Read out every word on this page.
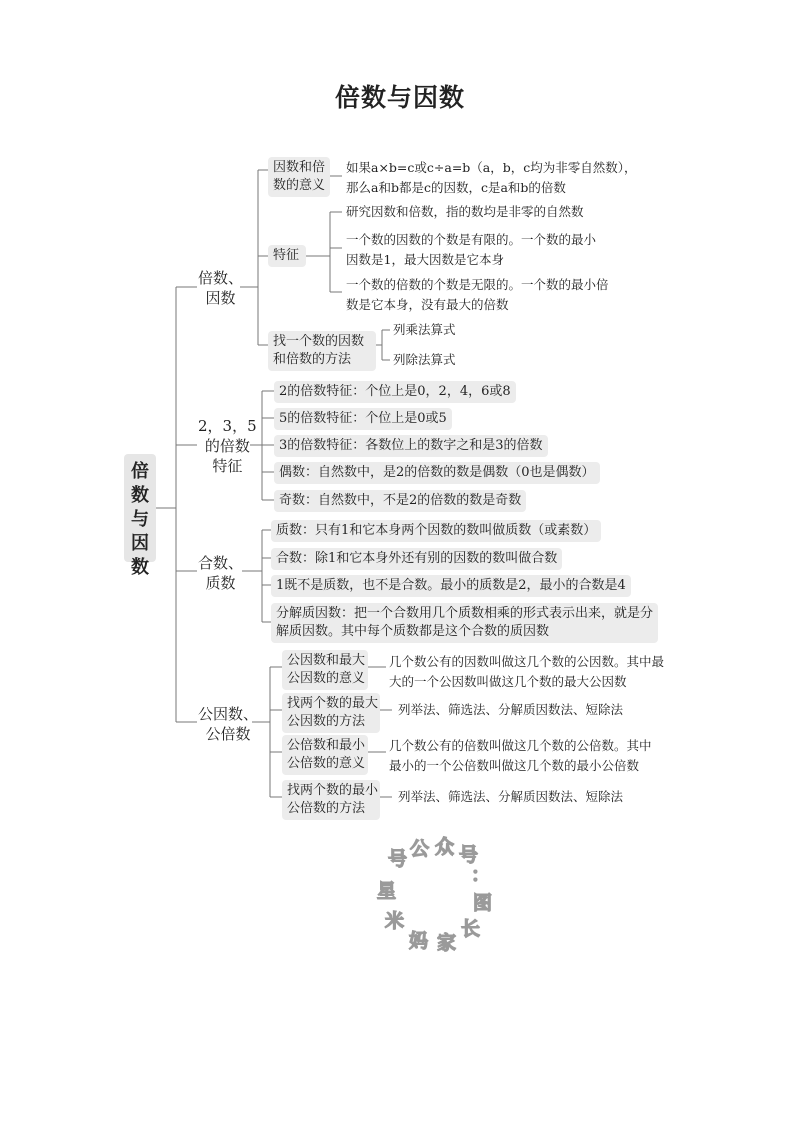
倍数与因数
倍
数
与
因
数
倍数、
因数
2，3，5
的倍数
特征
合数、
质数
公因数、
公倍数
因数和倍
数的意义
如果a×b=c或c÷a=b（a，b，c均为非零自然数），
那么a和b都是c的因数，c是a和b的倍数
特征
研究因数和倍数，指的数均是非零的自然数
一个数的因数的个数是有限的。一个数的最小
因数是1，最大因数是它本身
一个数的倍数的个数是无限的。一个数的最小倍
数是它本身，没有最大的倍数
找一个数的因数
和倍数的方法
列乘法算式
列除法算式
2的倍数特征：个位上是0，2，4，6或8
5的倍数特征：个位上是0或5
3的倍数特征：各数位上的数字之和是3的倍数
偶数：自然数中，是2的倍数的数是偶数（0也是偶数）
奇数：自然数中，不是2的倍数的数是奇数
质数：只有1和它本身两个因数的数叫做质数（或素数）
合数：除1和它本身外还有别的因数的数叫做合数
1既不是质数，也不是合数。最小的质数是2，最小的合数是4
分解质因数：把一个合数用几个质数相乘的形式表示出来，就是分
解质因数。其中每个质数都是这个合数的质因数
公因数和最大
公因数的意义
几个数公有的因数叫做这几个数的公因数。其中最
大的一个公因数叫做这几个数的最大公因数
找两个数的最大
公因数的方法
列举法、筛选法、分解质因数法、短除法
公倍数和最小
公倍数的意义
几个数公有的倍数叫做这几个数的公倍数。其中
最小的一个公倍数叫做这几个数的最小公倍数
找两个数的最小
公倍数的方法
列举法、筛选法、分解质因数法、短除法
号 公 众 号
：
图
长
家
妈
米
星
